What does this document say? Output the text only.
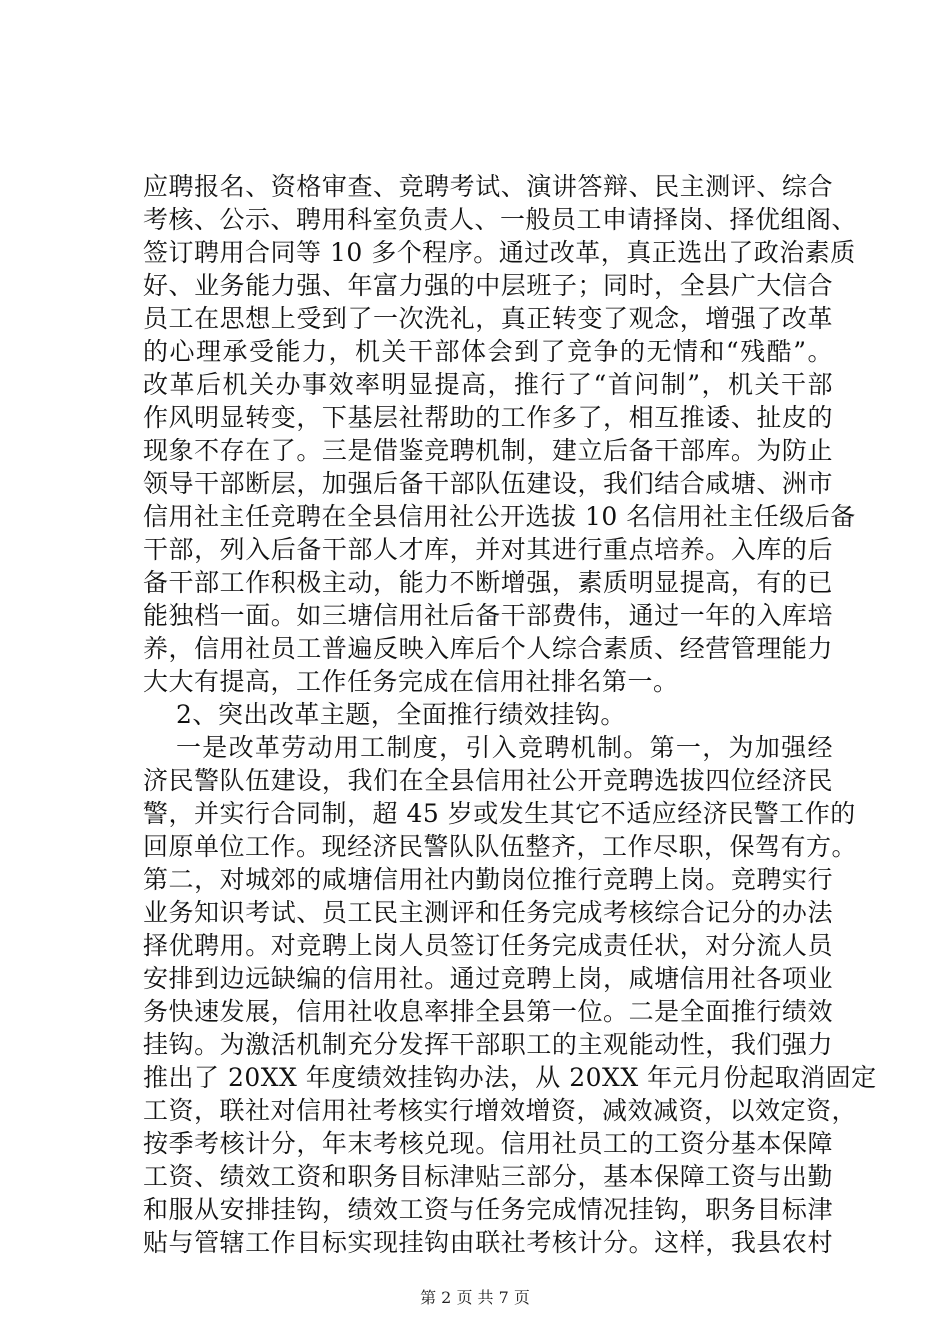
应聘报名、资格审查、竞聘考试、演讲答辩、民主测评、综合
考核、公示、聘用科室负责人、一般员工申请择岗、择优组阁、
签订聘用合同等 10 多个程序。通过改革，真正选出了政治素质
好、业务能力强、年富力强的中层班子；同时，全县广大信合
员工在思想上受到了一次洗礼，真正转变了观念，增强了改革
的心理承受能力，机关干部体会到了竞争的无情和“残酷”。
改革后机关办事效率明显提高，推行了“首问制”，机关干部
作风明显转变，下基层社帮助的工作多了，相互推诿、扯皮的
现象不存在了。三是借鉴竞聘机制，建立后备干部库。为防止
领导干部断层，加强后备干部队伍建设，我们结合咸塘、洲市
信用社主任竞聘在全县信用社公开选拔 10 名信用社主任级后备
干部，列入后备干部人才库，并对其进行重点培养。入库的后
备干部工作积极主动，能力不断增强，素质明显提高，有的已
能独档一面。如三塘信用社后备干部费伟，通过一年的入库培
养，信用社员工普遍反映入库后个人综合素质、经营管理能力
大大有提高，工作任务完成在信用社排名第一。
2、突出改革主题，全面推行绩效挂钩。
一是改革劳动用工制度，引入竞聘机制。第一，为加强经
济民警队伍建设，我们在全县信用社公开竞聘选拔四位经济民
警，并实行合同制，超 45 岁或发生其它不适应经济民警工作的
回原单位工作。现经济民警队队伍整齐，工作尽职，保驾有方。
第二，对城郊的咸塘信用社内勤岗位推行竞聘上岗。竞聘实行
业务知识考试、员工民主测评和任务完成考核综合记分的办法
择优聘用。对竞聘上岗人员签订任务完成责任状，对分流人员
安排到边远缺编的信用社。通过竞聘上岗，咸塘信用社各项业
务快速发展，信用社收息率排全县第一位。二是全面推行绩效
挂钩。为激活机制充分发挥干部职工的主观能动性，我们强力
推出了 20XX 年度绩效挂钩办法，从 20XX 年元月份起取消固定
工资，联社对信用社考核实行增效增资，减效减资，以效定资，
按季考核计分，年末考核兑现。信用社员工的工资分基本保障
工资、绩效工资和职务目标津贴三部分，基本保障工资与出勤
和服从安排挂钩，绩效工资与任务完成情况挂钩，职务目标津
贴与管辖工作目标实现挂钩由联社考核计分。这样，我县农村
第 2 页 共 7 页
